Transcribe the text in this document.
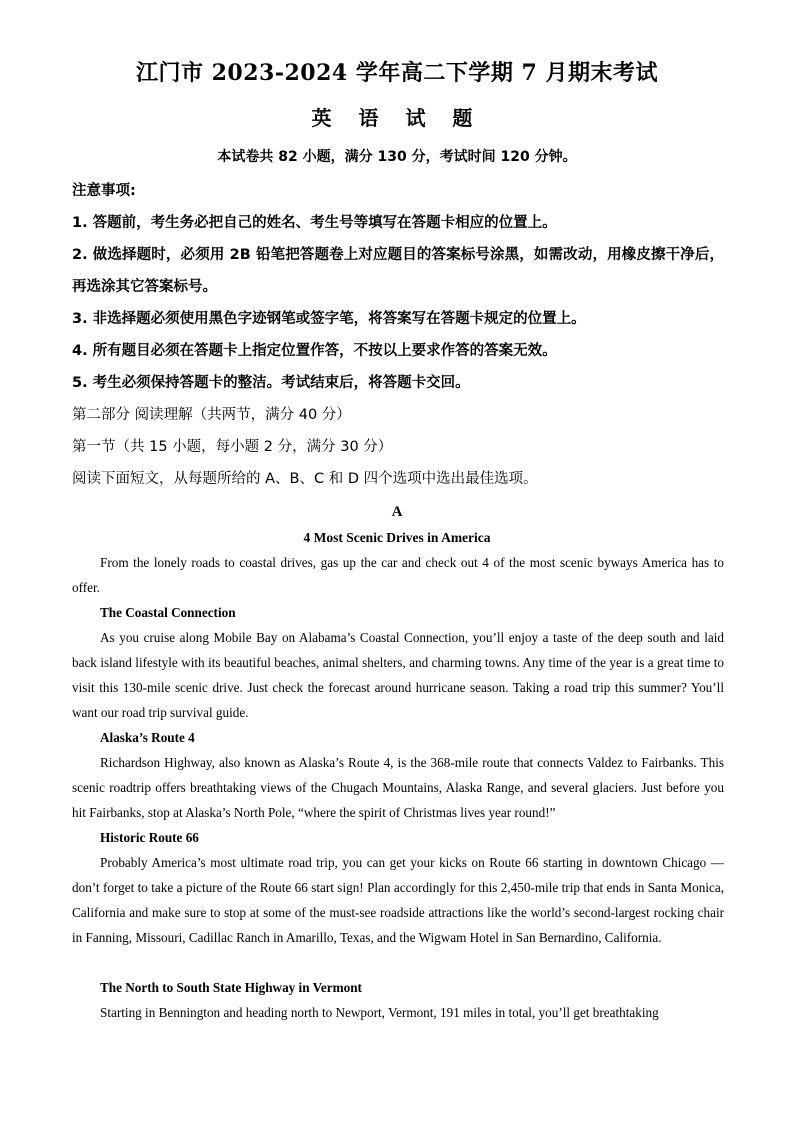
江门市 2023-2024 学年高二下学期 7 月期末考试
英 语 试 题
本试卷共 82 小题，满分 130 分，考试时间 120 分钟。
注意事项:
1. 答题前，考生务必把自己的姓名、考生号等填写在答题卡相应的位置上。
2. 做选择题时，必须用 2B 铅笔把答题卷上对应题目的答案标号涂黑，如需改动，用橡皮擦干净后，再选涂其它答案标号。
3. 非选择题必须使用黑色字迹钢笔或签字笔，将答案写在答题卡规定的位置上。
4. 所有题目必须在答题卡上指定位置作答，不按以上要求作答的答案无效。
5. 考生必须保持答题卡的整洁。考试结束后，将答题卡交回。
第二部分 阅读理解（共两节，满分 40 分）
第一节（共 15 小题，每小题 2 分，满分 30 分）
阅读下面短文，从每题所给的 A、B、C 和 D 四个选项中选出最佳选项。
A
4 Most Scenic Drives in America

From the lonely roads to coastal drives, gas up the car and check out 4 of the most scenic byways America has to offer.

The Coastal Connection

As you cruise along Mobile Bay on Alabama’s Coastal Connection, you’ll enjoy a taste of the deep south and laid back island lifestyle with its beautiful beaches, animal shelters, and charming towns. Any time of the year is a great time to visit this 130-mile scenic drive. Just check the forecast around hurricane season. Taking a road trip this summer? You’ll want our road trip survival guide.

Alaska’s Route 4

Richardson Highway, also known as Alaska’s Route 4, is the 368-mile route that connects Valdez to Fairbanks. This scenic roadtrip offers breathtaking views of the Chugach Mountains, Alaska Range, and several glaciers. Just before you hit Fairbanks, stop at Alaska’s North Pole, “where the spirit of Christmas lives year round!”

Historic Route 66

Probably America’s most ultimate road trip, you can get your kicks on Route 66 starting in downtown Chicago — don’t forget to take a picture of the Route 66 start sign! Plan accordingly for this 2,450-mile trip that ends in Santa Monica, California and make sure to stop at some of the must-see roadside attractions like the world’s second-largest rocking chair in Fanning, Missouri, Cadillac Ranch in Amarillo, Texas, and the Wigwam Hotel in San Bernardino, California.

The North to South State Highway in Vermont

Starting in Bennington and heading north to Newport, Vermont, 191 miles in total, you’ll get breathtaking
